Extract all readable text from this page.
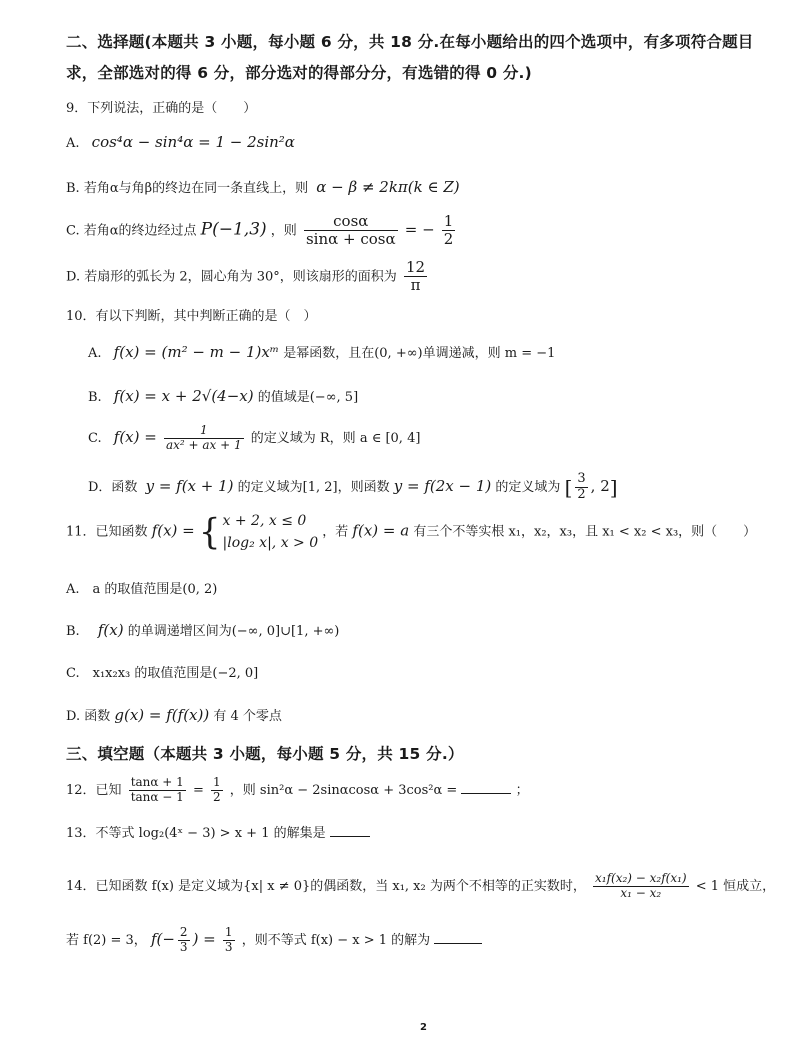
二、选择题(本题共 3 小题，每小题 6 分，共 18 分.在每小题给出的四个选项中，有多项符合题目
求，全部选对的得 6 分，部分选对的得部分分，有选错的得 0 分.)
9．下列说法，正确的是（　　）
A. cos⁴α − sin⁴α = 1 − 2sin²α
B. 若角α与角β的终边在同一条直线上，则 α − β ≠ 2kπ(k ∈ Z)
C. 若角α的终边经过点 P(−1,3) ，则 $\frac{\cos\alpha}{\sin\alpha + \cos\alpha}$ = − $\frac{1}{2}$
D. 若扇形的弧长为 2，圆心角为 30°，则该扇形的面积为 $\frac{12}{\pi}$
10．有以下判断，其中判断正确的是（　）
A. f(x) = (m² − m − 1)xᵐ 是幂函数，且在(0, +∞)单调递减，则 m = −1
B. f(x) = x + 2√(4−x) 的值域是(−∞, 5]
C. $f(x) = \frac{1}{\text{ax² + ax + 1}}$ 的定义域为 R，则 a ∈ [0, 4]
D．函数 y = f(x + 1) 的定义域为[1, 2]，则函数 y = f(2x − 1) 的定义域为 [ $\frac{3}{2}$ , 2]
11．已知函数 f(x) = { x + 2, x ≤ 0
|log₂ x|, x > 0
，若 f(x) = a 有三个不等实根 x₁，x₂，x₃，且 x₁ < x₂ < x₃，则（　　）
A.　a 的取值范围是(0, 2)
B. f(x) 的单调递增区间为(−∞, 0]∪[1, +∞)
C.　x₁x₂x₃ 的取值范围是(−2, 0]
D. 函数 g(x) = f(f(x)) 有 4 个零点
三、填空题（本题共 3 小题，每小题 5 分，共 15 分.）
12．已知 $\frac{\tan\alpha + 1}{\tan\alpha - 1} = \frac{1}{2}$ ，则 sin²α − 2sinαcosα + 3cos²α =	；
13．不等式 log₂(4ˣ − 3) > x + 1 的解集是
14．已知函数 f(x) 是定义域为{x| x ≠ 0}的偶函数，当 x₁, x₂ 为两个不相等的正实数时， $\frac{\text{x₁f(x₂) − x₂f(x₁)}}{\text{x₁ − x₂}} < 1$ 恒成立，
若 f(2) = 3， $f(- \frac{2}{3}$ ) = $\frac{1}{3}$ ，则不等式 f(x) − x > 1 的解为
2
